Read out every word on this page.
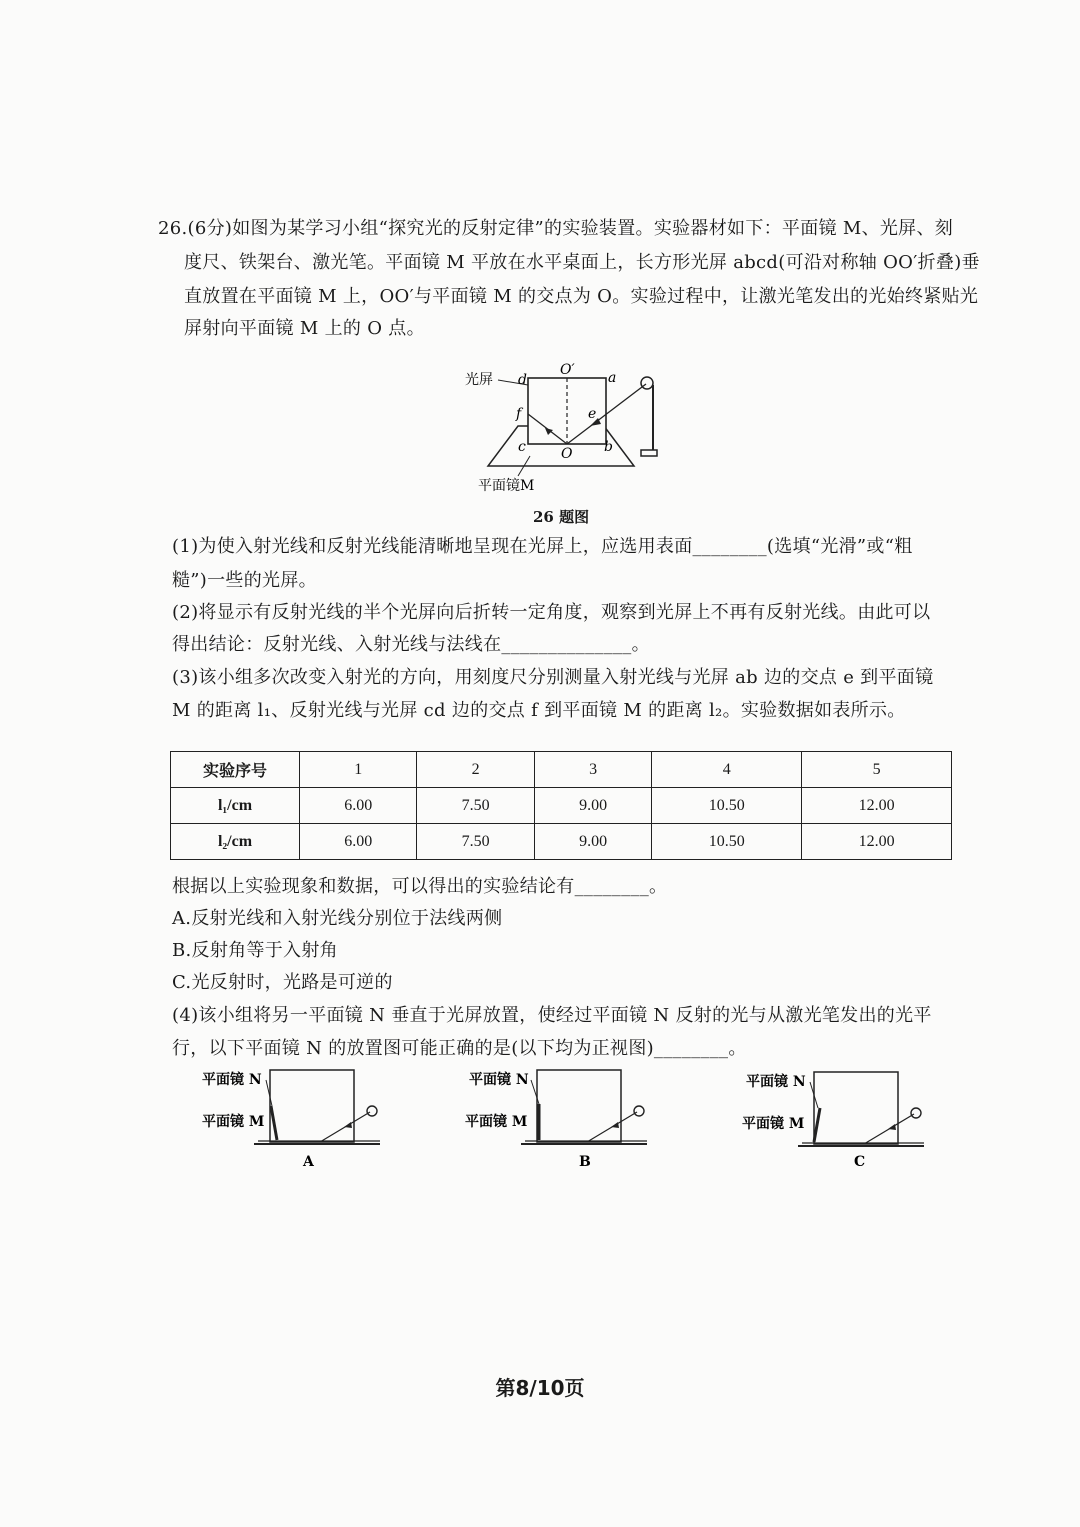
26.(6分)如图为某学习小组“探究光的反射定律”的实验装置。实验器材如下：平面镜 M、光屏、刻
度尺、铁架台、激光笔。平面镜 M 平放在水平桌面上，长方形光屏 abcd(可沿对称轴 OO′折叠)垂
直放置在平面镜 M 上，OO′与平面镜 M 的交点为 O。实验过程中，让激光笔发出的光始终紧贴光
屏射向平面镜 M 上的 O 点。
光屏 d	a
O′
f	e
c	b
O
平面镜M
26 题图
(1)为使入射光线和反射光线能清晰地呈现在光屏上，应选用表面________(选填“光滑”或“粗
糙”)一些的光屏。
(2)将显示有反射光线的半个光屏向后折转一定角度，观察到光屏上不再有反射光线。由此可以
得出结论：反射光线、入射光线与法线在______________。
(3)该小组多次改变入射光的方向，用刻度尺分别测量入射光线与光屏 ab 边的交点 e 到平面镜
M 的距离 l₁、反射光线与光屏 cd 边的交点 f 到平面镜 M 的距离 l₂。实验数据如表所示。
实验序号	1	2	3	4	5
l₁/cm	6.00	7.50	9.00	10.50	12.00
l₂/cm	6.00	7.50	9.00	10.50	12.00
根据以上实验现象和数据，可以得出的实验结论有________。
A.反射光线和入射光线分别位于法线两侧
B.反射角等于入射角
C.光反射时，光路是可逆的
(4)该小组将另一平面镜 N 垂直于光屏放置，使经过平面镜 N 反射的光与从激光笔发出的光平
行，以下平面镜 N 的放置图可能正确的是(以下均为正视图)________。
平面镜 N
平面镜 M
A
平面镜 N
平面镜 M
B
平面镜 N
平面镜 M
C
第8/10页
